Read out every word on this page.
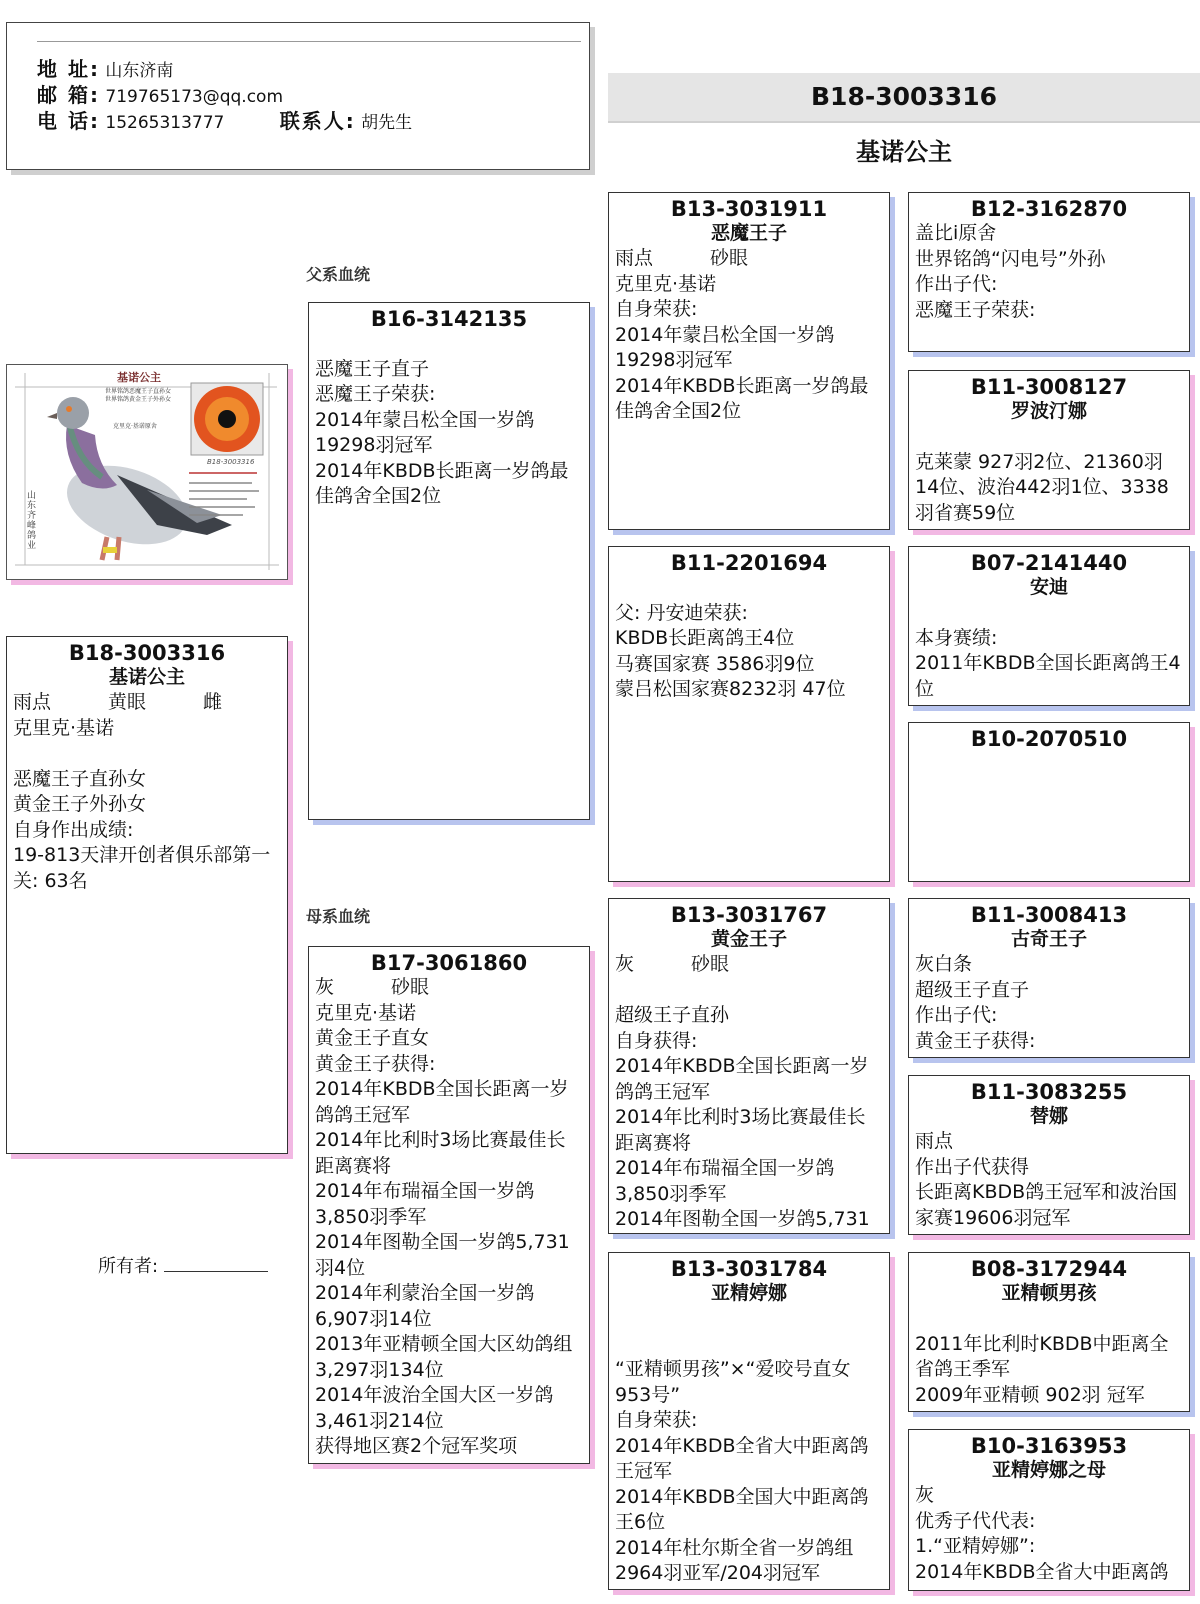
地 址: 山东济南
邮 箱: 719765173@qq.com
电 话: 15265313777	联系人: 胡先生
B18-3003316
基诺公主
父系血统
母系血统
基诺公主
世界铭鸽恶魔王子直孙女
世界铭鸽黄金王子外孙女
克里克·基诺原舍
B18-3003316
山东齐峰鸽业
所有者:
B18-3003316
基诺公主
雨点　　　黄眼　　　雌
克里克·基诺

恶魔王子直孙女
黄金王子外孙女
自身作出成绩:
19-813天津开创者俱乐部第一关: 63名
B16-3142135

恶魔王子直子
恶魔王子荣获:
2014年蒙吕松全国一岁鸽19298羽冠军
2014年KBDB长距离一岁鸽最佳鸽舍全国2位
B17-3061860
灰　　　砂眼
克里克·基诺
黄金王子直女
黄金王子获得:
2014年KBDB全国长距离一岁鸽鸽王冠军
2014年比利时3场比赛最佳长距离赛将
2014年布瑞福全国一岁鸽3,850羽季军
2014年图勒全国一岁鸽5,731羽4位
2014年利蒙治全国一岁鸽6,907羽14位
2013年亚精顿全国大区幼鸽组3,297羽134位
2014年波治全国大区一岁鸽3,461羽214位
获得地区赛2个冠军奖项
B13-3031911
恶魔王子
雨点　　　砂眼
克里克·基诺
自身荣获:
2014年蒙吕松全国一岁鸽19298羽冠军
2014年KBDB长距离一岁鸽最佳鸽舍全国2位
B11-2201694

父: 丹安迪荣获:
KBDB长距离鸽王4位
马赛国家赛 3586羽9位
蒙吕松国家赛8232羽 47位
B13-3031767
黄金王子
灰　　　砂眼

超级王子直孙
自身获得:
2014年KBDB全国长距离一岁鸽鸽王冠军
2014年比利时3场比赛最佳长距离赛将
2014年布瑞福全国一岁鸽3,850羽季军
2014年图勒全国一岁鸽5,731
B13-3031784
亚精婷娜

“亚精顿男孩”×“爱咬号直女953号”
自身荣获:
2014年KBDB全省大中距离鸽王冠军
2014年KBDB全国大中距离鸽王6位
2014年杜尔斯全省一岁鸽组2964羽亚军/204羽冠军
B12-3162870
盖比i原舍
世界铭鸽“闪电号”外孙
作出子代:
恶魔王子荣获:
B11-3008127
罗波汀娜

克莱蒙 927羽2位、21360羽14位、波治442羽1位、3338羽省赛59位
B07-2141440
安迪

本身赛绩:
2011年KBDB全国长距离鸽王4位
B10-2070510
B11-3008413
古奇王子
灰白条
超级王子直子
作出子代:
黄金王子获得:
B11-3083255
替娜
雨点
作出子代获得
长距离KBDB鸽王冠军和波治国家赛19606羽冠军
B08-3172944
亚精顿男孩

2011年比利时KBDB中距离全省鸽王季军
2009年亚精顿 902羽 冠军
B10-3163953
亚精婷娜之母
灰
优秀子代代表:
1.“亚精婷娜”:
2014年KBDB全省大中距离鸽
